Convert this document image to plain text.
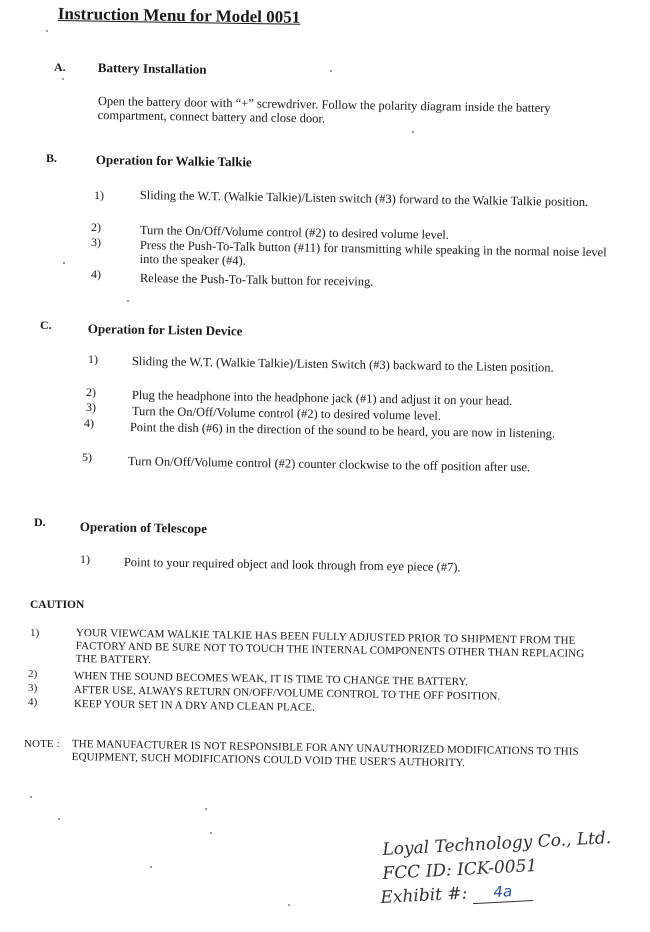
Instruction Menu for Model 0051
A. Battery Installation
Open the battery door with “+” screwdriver. Follow the polarity diagram inside the battery compartment, connect battery and close door.
B.	Operation for Walkie Talkie
1)	Sliding the W.T. (Walkie Talkie)/Listen switch (#3) forward to the Walkie Talkie position.
2)	Turn the On/Off/Volume control (#2) to desired volume level.
3)	Press the Push-To-Talk button (#11) for transmitting while speaking in the normal noise level into the speaker (#4).
4)	Release the Push-To-Talk button for receiving.
C.	Operation for Listen Device
1)	Sliding the W.T. (Walkie Talkie)/Listen Switch (#3) backward to the Listen position.
2)	Plug the headphone into the headphone jack (#1) and adjust it on your head.
3)	Turn the On/Off/Volume control (#2) to desired volume level.
4)	Point the dish (#6) in the direction of the sound to be heard, you are now in listening.
5)	Turn On/Off/Volume control (#2) counter clockwise to the off position after use.
D.	Operation of Telescope
1)	Point to your required object and look through from eye piece (#7).
CAUTION
1)	YOUR VIEWCAM WALKIE TALKIE HAS BEEN FULLY ADJUSTED PRIOR TO SHIPMENT FROM THE FACTORY AND BE SURE NOT TO TOUCH THE INTERNAL COMPONENTS OTHER THAN REPLACING THE BATTERY.
2)	WHEN THE SOUND BECOMES WEAK, IT IS TIME TO CHANGE THE BATTERY.
3)	AFTER USE, ALWAYS RETURN ON/OFF/VOLUME CONTROL TO THE OFF POSITION.
4)	KEEP YOUR SET IN A DRY AND CLEAN PLACE.
NOTE : THE MANUFACTURER IS NOT RESPONSIBLE FOR ANY UNAUTHORIZED MODIFICATIONS TO THIS EQUIPMENT, SUCH MODIFICATIONS COULD VOID THE USER'S AUTHORITY.
Loyal Technology Co., Ltd.
FCC ID: ICK-0051
Exhibit #: 4a
